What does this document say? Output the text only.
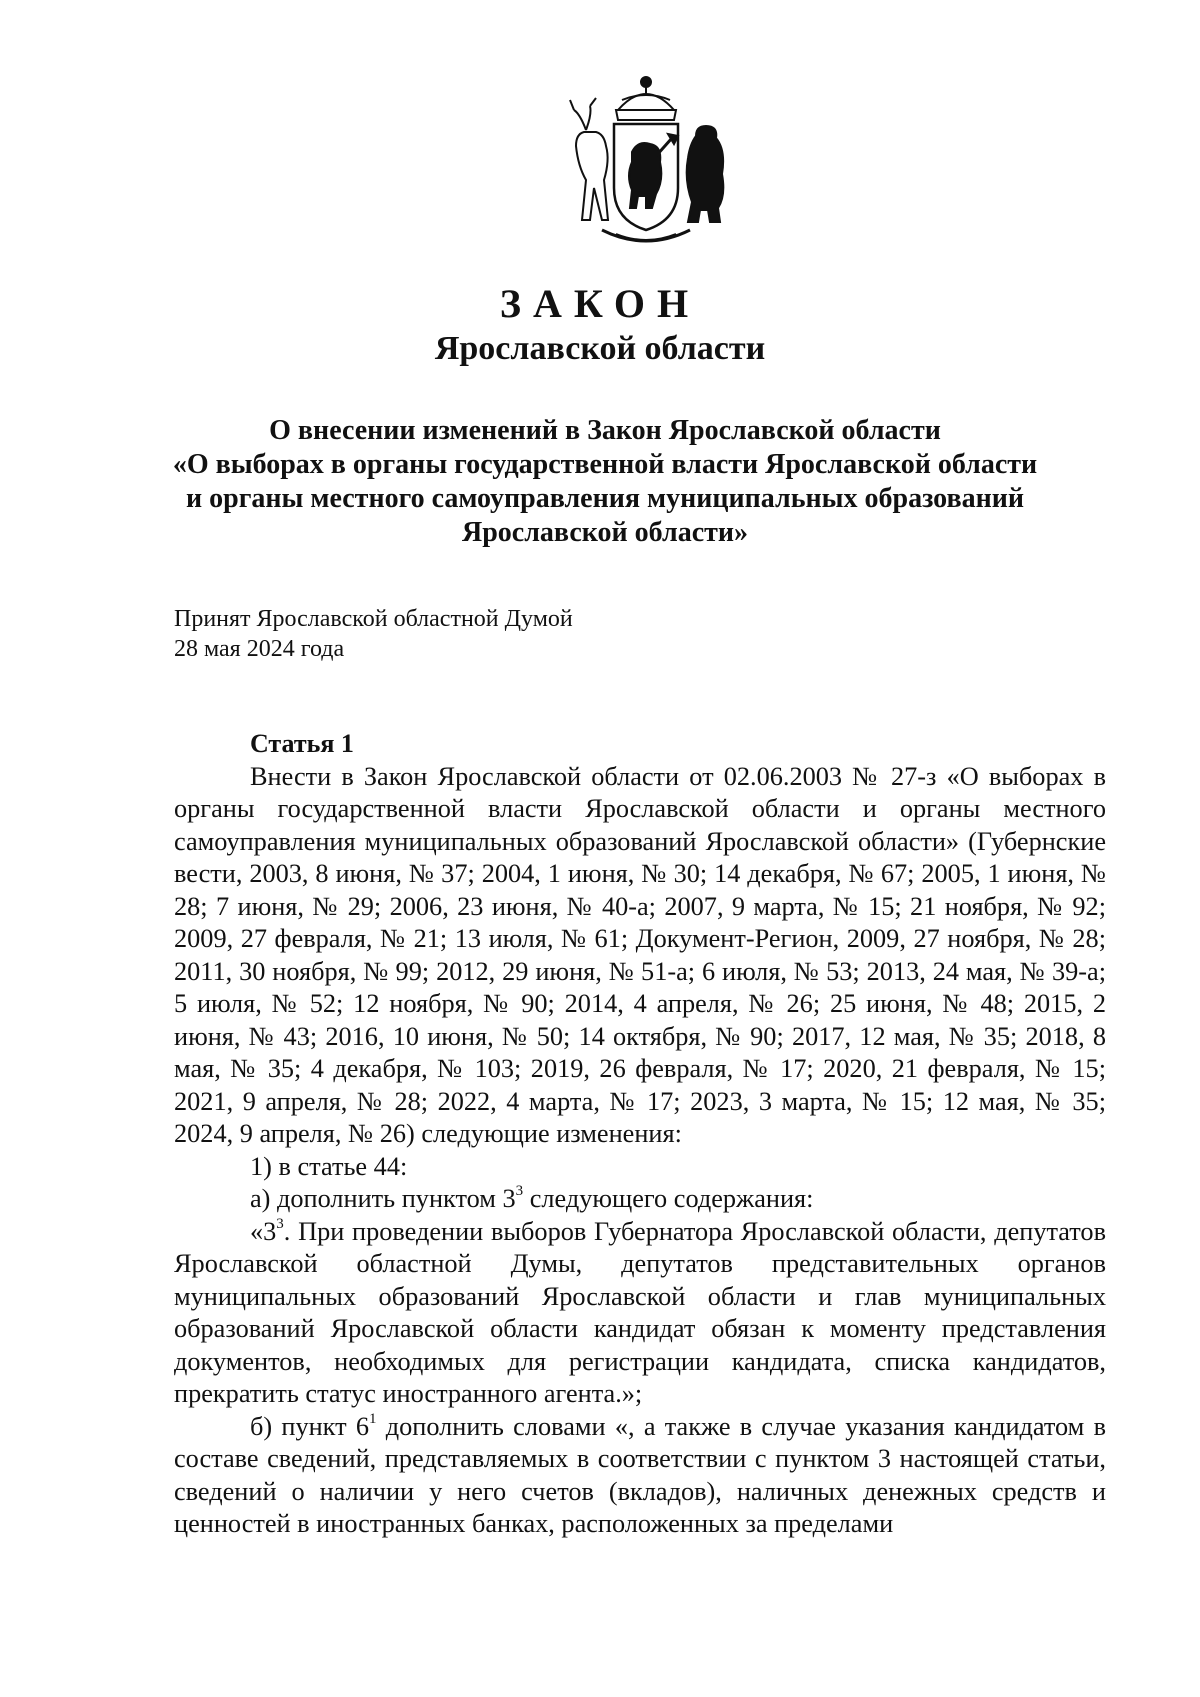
ЗАКОН
Ярославской области
О внесении изменений в Закон Ярославской области
«О выборах в органы государственной власти Ярославской области
и органы местного самоуправления муниципальных образований
Ярославской области»
Принят Ярославской областной Думой
28 мая 2024 года
Статья 1

Внести в Закон Ярославской области от 02.06.2003 № 27-з «О выборах в органы государственной власти Ярославской области и органы местного самоуправления муниципальных образований Ярославской области» (Губернские вести, 2003, 8 июня, № 37; 2004, 1 июня, № 30; 14 декабря, № 67; 2005, 1 июня, № 28; 7 июня, № 29; 2006, 23 июня, № 40-а; 2007, 9 марта, № 15; 21 ноября, № 92; 2009, 27 февраля, № 21; 13 июля, № 61; Документ-Регион, 2009, 27 ноября, № 28; 2011, 30 ноября, № 99; 2012, 29 июня, № 51-а; 6 июля, № 53; 2013, 24 мая, № 39-а; 5 июля, № 52; 12 ноября, № 90; 2014, 4 апреля, № 26; 25 июня, № 48; 2015, 2 июня, № 43; 2016, 10 июня, № 50; 14 октября, № 90; 2017, 12 мая, № 35; 2018, 8 мая, № 35; 4 декабря, № 103; 2019, 26 февраля, № 17; 2020, 21 февраля, № 15; 2021, 9 апреля, № 28; 2022, 4 марта, № 17; 2023, 3 марта, № 15; 12 мая, № 35; 2024, 9 апреля, № 26) следующие изменения:

1) в статье 44:

а) дополнить пунктом $3^3$ следующего содержания:

«$3^3$. При проведении выборов Губернатора Ярославской области, депутатов Ярославской областной Думы, депутатов представительных органов муниципальных образований Ярославской области и глав муниципальных образований Ярославской области кандидат обязан к моменту представления документов, необходимых для регистрации кандидата, списка кандидатов, прекратить статус иностранного агента.»;

б) пункт $6^1$ дополнить словами «, а также в случае указания кандидатом в составе сведений, представляемых в соответствии с пунктом 3 настоящей статьи, сведений о наличии у него счетов (вкладов), наличных денежных средств и ценностей в иностранных банках, расположенных за пределами
